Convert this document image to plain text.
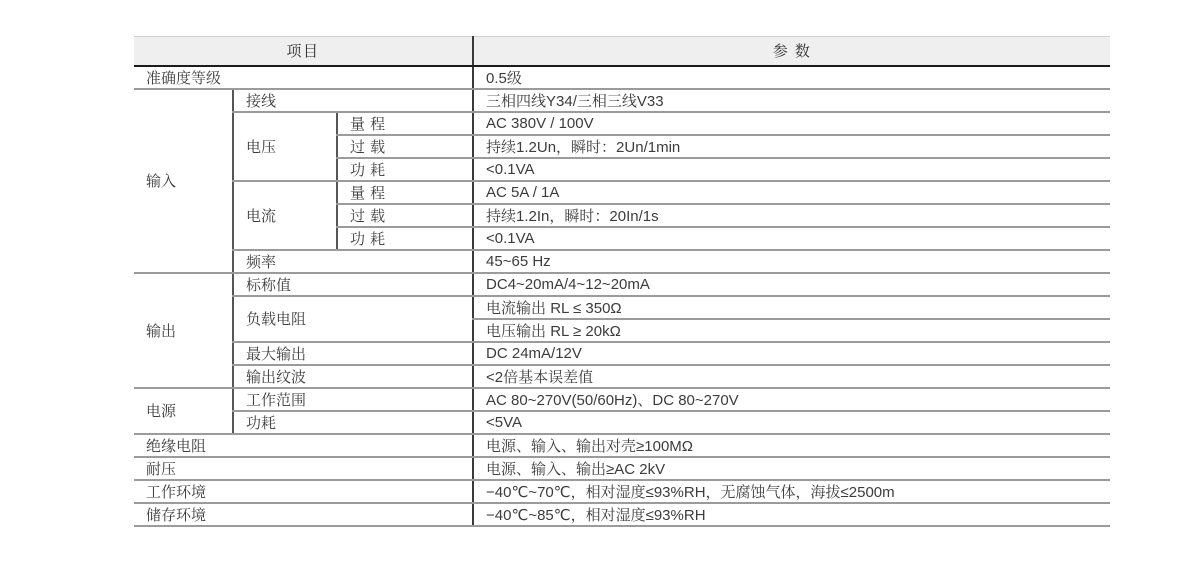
项目			参 数
准确度等级			0.5级
输入	接线		三相四线Y34/三相三线V33
	电压	量 程	AC 380V / 100V
		过 载	持续1.2Un，瞬时：2Un/1min
		功 耗	<0.1VA
	电流	量 程	AC 5A / 1A
		过 载	持续1.2In，瞬时：20In/1s
		功 耗	<0.1VA
	频率		45~65 Hz
输出	标称值		DC4~20mA/4~12~20mA
	负载电阻		电流输出 RL ≤ 350Ω
			电压输出 RL ≥ 20kΩ
	最大输出		DC 24mA/12V
	输出纹波		<2倍基本误差值
电源	工作范围		AC 80~270V(50/60Hz)、DC 80~270V
	功耗		<5VA
绝缘电阻			电源、输入、输出对壳≥100MΩ
耐压			电源、输入、输出≥AC 2kV
工作环境			−40℃~70℃，相对湿度≤93%RH，无腐蚀气体，海拔≤2500m
储存环境			−40℃~85℃，相对湿度≤93%RH
